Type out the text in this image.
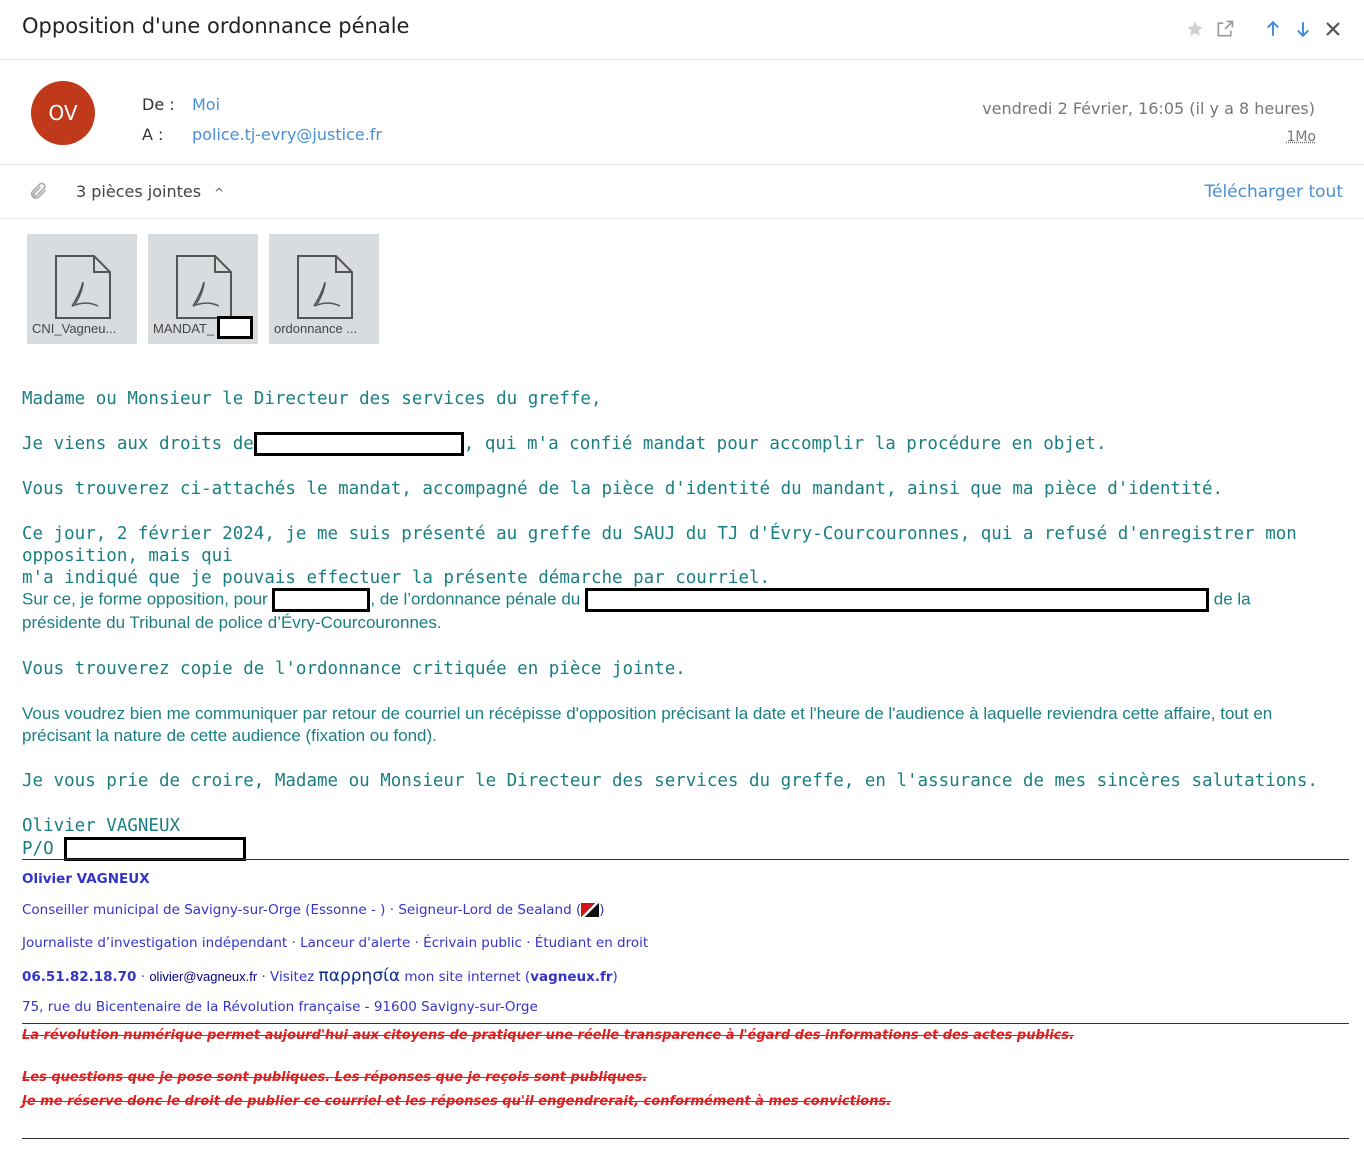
Opposition d'une ordonnance pénale
OV	De :	Moi
A :	police.tj-evry@justice.fr
vendredi 2 Février, 16:05 (il y a 8 heures)
1Mo
3 pièces jointes ^	Télécharger tout
CNI_Vagneu...	MANDAT_	ordonnance ...
Madame ou Monsieur le Directeur des services du greffe,
Je viens aux droits de	, qui m'a confié mandat pour accomplir la procédure en objet.
Vous trouverez ci-attachés le mandat, accompagné de la pièce d'identité du mandant, ainsi que ma pièce d'identité.
Ce jour, 2 février 2024, je me suis présenté au greffe du SAUJ du TJ d'Évry-Courcouronnes, qui a refusé d'enregistrer mon opposition, mais qui
m'a indiqué que je pouvais effectuer la présente démarche par courriel.
Sur ce, je forme opposition, pour	, de l’ordonnance pénale du	de la
présidente du Tribunal de police d’Évry-Courcouronnes.
Vous trouverez copie de l'ordonnance critiquée en pièce jointe.
Vous voudrez bien me communiquer par retour de courriel un récépisse d'opposition précisant la date et l'heure de l'audience à laquelle reviendra cette affaire, tout en
précisant la nature de cette audience (fixation ou fond).
Je vous prie de croire, Madame ou Monsieur le Directeur des services du greffe, en l'assurance de mes sincères salutations.
Olivier VAGNEUX
P/O
Olivier VAGNEUX
Conseiller municipal de Savigny-sur-Orge (Essonne - ) · Seigneur-Lord de Sealand ( )
Journaliste d’investigation indépendant · Lanceur d'alerte · Écrivain public · Étudiant en droit
06.51.82.18.70 · olivier@vagneux.fr · Visitez παρρησία mon site internet (vagneux.fr)
75, rue du Bicentenaire de la Révolution française - 91600 Savigny-sur-Orge
La révolution numérique permet aujourd'hui aux citoyens de pratiquer une réelle transparence à l'égard des informations et des actes publics.
Les questions que je pose sont publiques. Les réponses que je reçois sont publiques.
Je me réserve donc le droit de publier ce courriel et les réponses qu'il engendrerait, conformément à mes convictions.
